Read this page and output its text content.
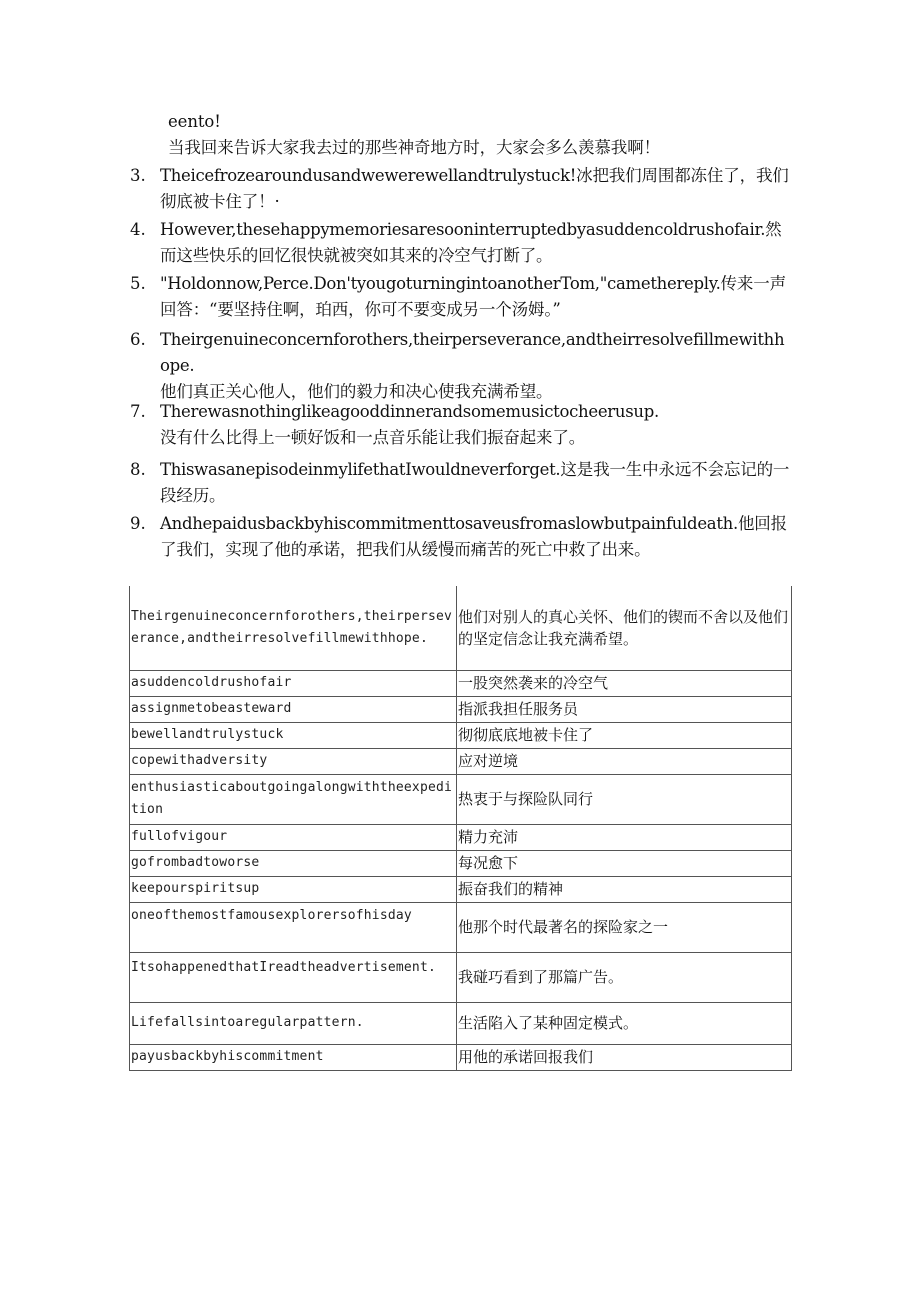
eento!
当我回来告诉大家我去过的那些神奇地方时，大家会多么羡慕我啊！
3. Theicefrozearoundusandwewerewellandtrulystuck!冰把我们周围都冻住了，我们彻底被卡住了！·
4. However,thesehappymemoriesaresooninterruptedbyasuddencoldrushofair.然而这些快乐的回忆很快就被突如其来的冷空气打断了。
5. "Holdonnow,Perce.Don'tyougoturningintoanotherTom,"camethereply.传来一声回答：“要坚持住啊，珀西，你可不要变成另一个汤姆。”
6. Theirgenuineconcernforothers,theirperseverance,andtheirresolvefillmewithhope.
他们真正关心他人，他们的毅力和决心使我充满希望。
7. Therewasnothinglikeagooddinnerandsomemusictocheerusup.
没有什么比得上一顿好饭和一点音乐能让我们振奋起来了。
8. ThiswasanepisodeinmylifethatIwouldneverforget.这是我一生中永远不会忘记的一段经历。
9. Andhepaidusbackbyhiscommitmenttosaveusfromaslowbutpainfuldeath.他回报了我们，实现了他的承诺，把我们从缓慢而痛苦的死亡中救了出来。
Theirgenuineconcernforothers,theirperseverance,andtheirresolvefillmewithhope.	他们对别人的真心关怀、他们的锲而不舍以及他们的坚定信念让我充满希望。
asuddencoldrushofair	一股突然袭来的冷空气
assignmetobeasteward	指派我担任服务员
bewellandtrulystuck	彻彻底底地被卡住了
copewithadversity	应对逆境
enthusiasticaboutgoingalongwiththeexpedition	热衷于与探险队同行
fullofvigour	精力充沛
gofrombadtoworse	每况愈下
keepourspiritsup	振奋我们的精神
oneofthemostfamousexplorersofhisday	他那个时代最著名的探险家之一
ItsohappenedthatIreadtheadvertisement.	我碰巧看到了那篇广告。
Lifefallsintoaregularpattern.	生活陷入了某种固定模式。
payusbackbyhiscommitment	用他的承诺回报我们
